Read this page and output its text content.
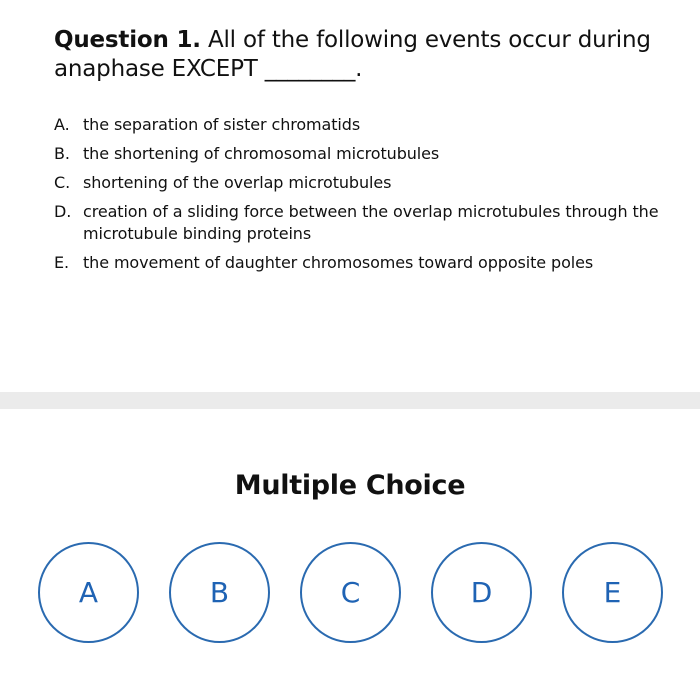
Question 1. All of the following events occur during anaphase EXCEPT ________.
A. the separation of sister chromatids
B. the shortening of chromosomal microtubules
C. shortening of the overlap microtubules
D. creation of a sliding force between the overlap microtubules through the microtubule binding proteins
E. the movement of daughter chromosomes toward opposite poles
Multiple Choice
A	B	C	D	E
